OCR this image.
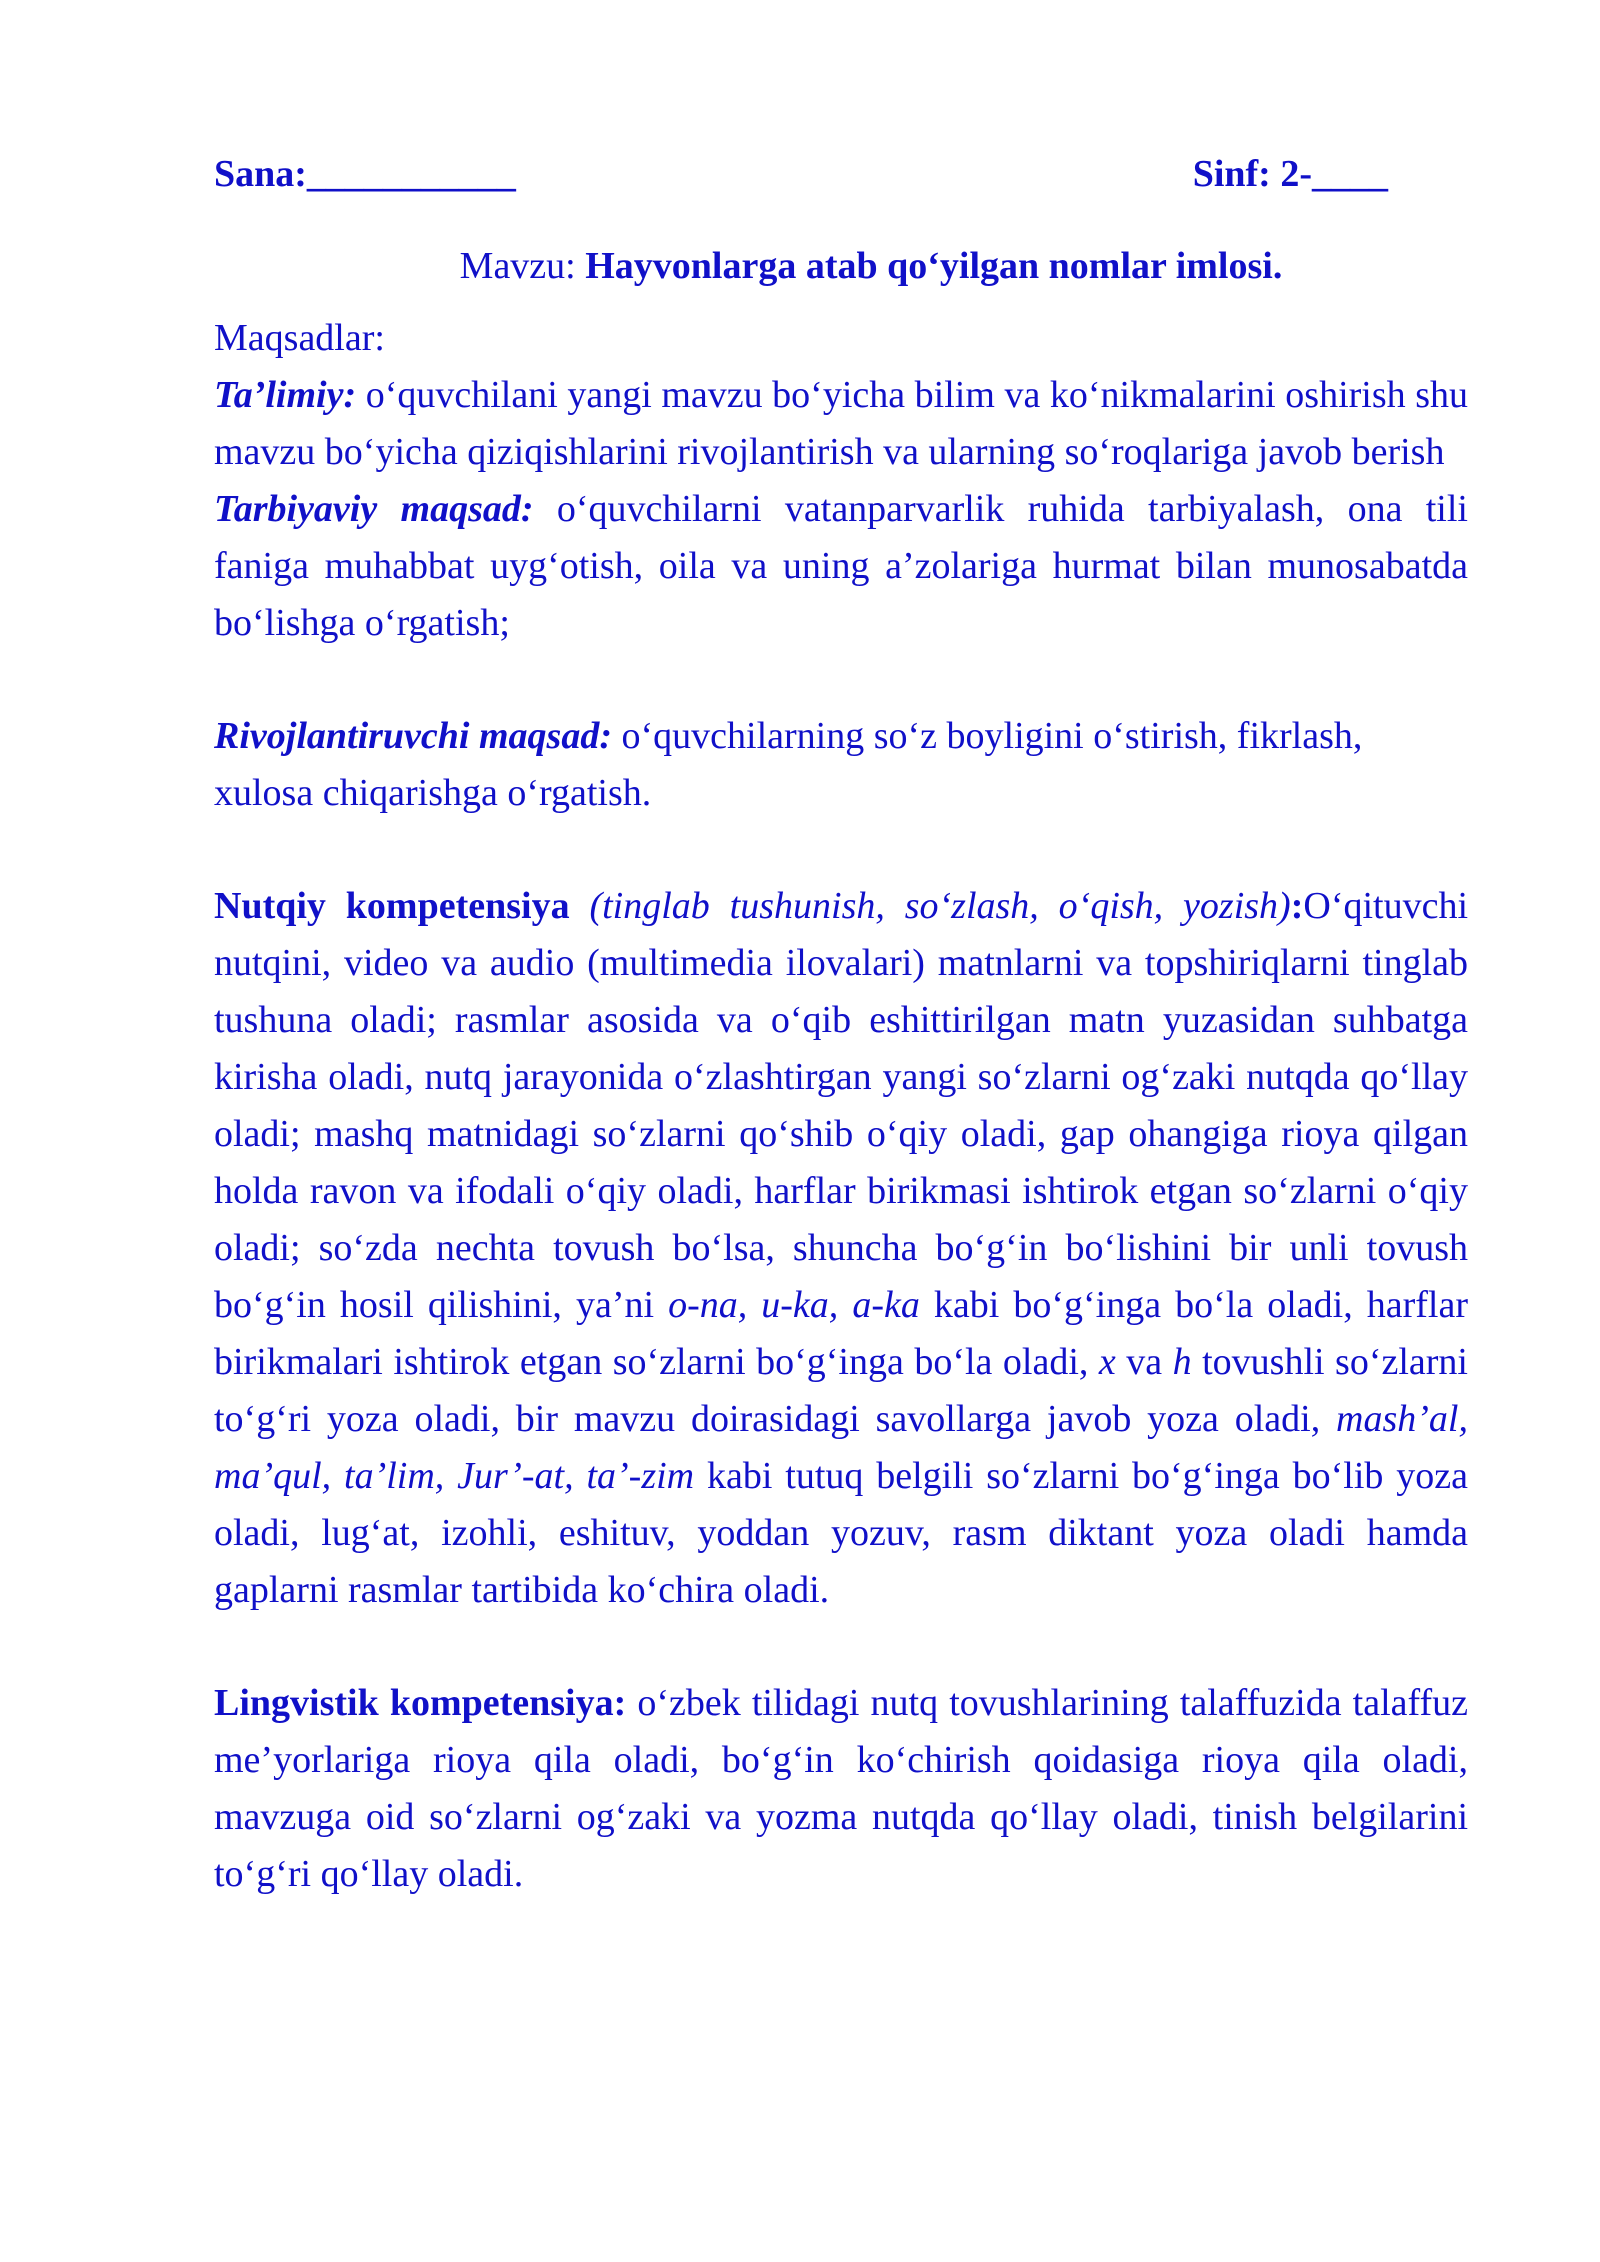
Sana:___________	Sinf: 2-____
Mavzu: Hayvonlarga atab qo‘yilgan nomlar imlosi.

Maqsadlar:

Ta’limiy: o‘quvchilani yangi mavzu bo‘yicha bilim va ko‘nikmalarini oshirish shu mavzu bo‘yicha qiziqishlarini rivojlantirish va ularning so‘roqlariga javob berish

Tarbiyaviy maqsad: o‘quvchilarni vatanparvarlik ruhida tarbiyalash, ona tili faniga muhabbat uyg‘otish, oila va uning a’zolariga hurmat bilan munosabatda bo‘lishga o‘rgatish;

Rivojlantiruvchi maqsad: o‘quvchilarning so‘z boyligini o‘stirish, fikrlash, xulosa chiqarishga o‘rgatish.

Nutqiy kompetensiya (tinglab tushunish, so‘zlash, o‘qish, yozish):O‘qituvchi nutqini, video va audio (multimedia ilovalari) matnlarni va topshiriqlarni tinglab tushuna oladi; rasmlar asosida va o‘qib eshittirilgan matn yuzasidan suhbatga kirisha oladi, nutq jarayonida o‘zlashtirgan yangi so‘zlarni og‘zaki nutqda qo‘llay oladi; mashq matnidagi so‘zlarni qo‘shib o‘qiy oladi, gap ohangiga rioya qilgan holda ravon va ifodali o‘qiy oladi, harflar birikmasi ishtirok etgan so‘zlarni o‘qiy oladi; so‘zda nechta tovush bo‘lsa, shuncha bo‘g‘in bo‘lishini bir unli tovush bo‘g‘in hosil qilishini, ya’ni o-na, u-ka, a-ka kabi bo‘g‘inga bo‘la oladi, harflar birikmalari ishtirok etgan so‘zlarni bo‘g‘inga bo‘la oladi, x va h tovushli so‘zlarni to‘g‘ri yoza oladi, bir mavzu doirasidagi savollarga javob yoza oladi, mash’al, ma’qul, ta’lim, Jur’-at, ta’-zim kabi tutuq belgili so‘zlarni bo‘g‘inga bo‘lib yoza oladi, lug‘at, izohli, eshituv, yoddan yozuv, rasm diktant yoza oladi hamda gaplarni rasmlar tartibida ko‘chira oladi.

Lingvistik kompetensiya: o‘zbek tilidagi nutq tovushlarining talaffuzida talaffuz me’yorlariga rioya qila oladi, bo‘g‘in ko‘chirish qoidasiga rioya qila oladi, mavzuga oid so‘zlarni og‘zaki va yozma nutqda qo‘llay oladi, tinish belgilarini to‘g‘ri qo‘llay oladi.
